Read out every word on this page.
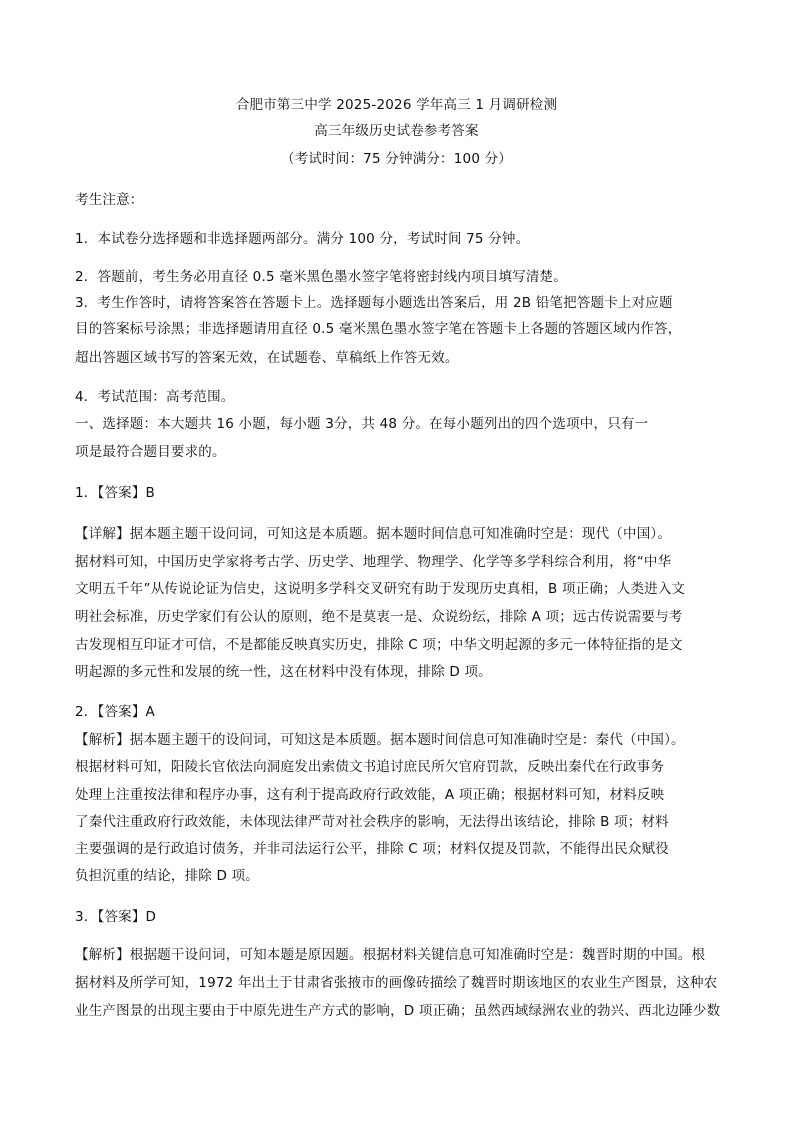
合肥市第三中学 2025-2026 学年高三 1 月调研检测
高三年级历史试卷参考答案
（考试时间：75 分钟满分：100 分）
考生注意：
1．本试卷分选择题和非选择题两部分。满分 100 分，考试时间 75 分钟。
2．答题前，考生务必用直径 0.5 毫米黑色墨水签字笔将密封线内项目填写清楚。
3．考生作答时，请将答案答在答题卡上。选择题每小题选出答案后，用 2B 铅笔把答题卡上对应题
目的答案标号涂黑；非选择题请用直径 0.5 毫米黑色墨水签字笔在答题卡上各题的答题区域内作答，
超出答题区域书写的答案无效，在试题卷、草稿纸上作答无效。
4．考试范围：高考范围。
一、选择题：本大题共 16 小题，每小题 3分，共 48 分。在每小题列出的四个选项中，只有一
项是最符合题目要求的。
1．【答案】B
【详解】据本题主题干设问词，可知这是本质题。据本题时间信息可知准确时空是：现代（中国）。
据材料可知，中国历史学家将考古学、历史学、地理学、物理学、化学等多学科综合利用，将“中华
文明五千年”从传说论证为信史，这说明多学科交叉研究有助于发现历史真相，B 项正确；人类进入文
明社会标准，历史学家们有公认的原则，绝不是莫衷一是、众说纷纭，排除 A 项；远古传说需要与考
古发现相互印证才可信，不是都能反映真实历史，排除 C 项；中华文明起源的多元一体特征指的是文
明起源的多元性和发展的统一性，这在材料中没有体现，排除 D 项。
2．【答案】A
【解析】据本题主题干的设问词，可知这是本质题。据本题时间信息可知准确时空是：秦代（中国）。
根据材料可知，阳陵长官依法向洞庭发出索债文书追讨庶民所欠官府罚款，反映出秦代在行政事务
处理上注重按法律和程序办事，这有利于提高政府行政效能，A 项正确；根据材料可知，材料反映
了秦代注重政府行政效能，未体现法律严苛对社会秩序的影响，无法得出该结论，排除 B 项；材料
主要强调的是行政追讨债务，并非司法运行公平，排除 C 项；材料仅提及罚款，不能得出民众赋役
负担沉重的结论，排除 D 项。
3．【答案】D
【解析】根据题干设问词，可知本题是原因题。根据材料关键信息可知准确时空是：魏晋时期的中国。根
据材料及所学可知，1972 年出土于甘肃省张掖市的画像砖描绘了魏晋时期该地区的农业生产图景，这种农
业生产图景的出现主要由于中原先进生产方式的影响，D 项正确；虽然西域绿洲农业的勃兴、西北边陲少数
